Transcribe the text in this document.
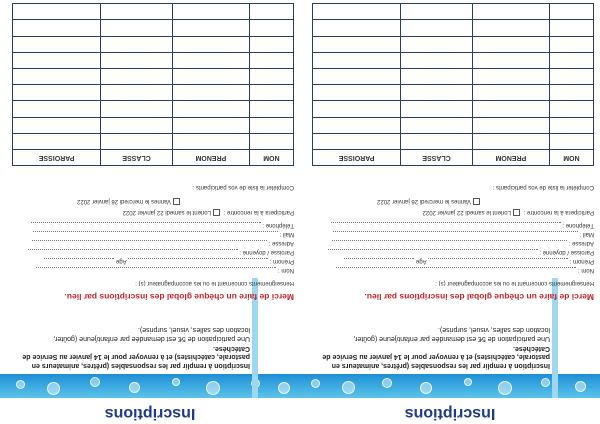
Inscriptions
Inscription à remplir par les responsables (prêtres, animateurs en pastorale, catéchistes) et à renvoyer pour le 14 janvier au Service de Catéchèse.
Une participation de 5€ est demandée par enfant/jeune (goûter,
location des salles, visuel, surprise).
Merci de faire un chèque global des inscriptions par lieu.
Renseignements concernant le ou les accompagnateur (s) :
Nom :
Prénom :  Age
Paroisse / doyenné :
Adresse :
Mail :
Téléphone :
Participera à la rencontre : Lorient le samedi 22 janvier 2022
Vannes le mercredi 26 janvier 2022
Compléter la liste de vos participants :
NOM	PRENOM	CLASSE	PAROISSE

Inscriptions
Inscription à remplir par les responsables (prêtres, animateurs en pastorale, catéchistes) et à renvoyer pour le 14 janvier au Service de Catéchèse.
Une participation de 5€ est demandée par enfant/jeune (goûter,
location des salles, visuel, surprise).
Merci de faire un chèque global des inscriptions par lieu.
Renseignements concernant le ou les accompagnateur (s) :
Nom :
Prénom :  Age
Paroisse / doyenné :
Adresse :
Mail :
Téléphone :
Participera à la rencontre : Lorient le samedi 22 janvier 2022
Vannes le mercredi 26 janvier 2022
Compléter la liste de vos participants :
NOM	PRENOM	CLASSE	PAROISSE
